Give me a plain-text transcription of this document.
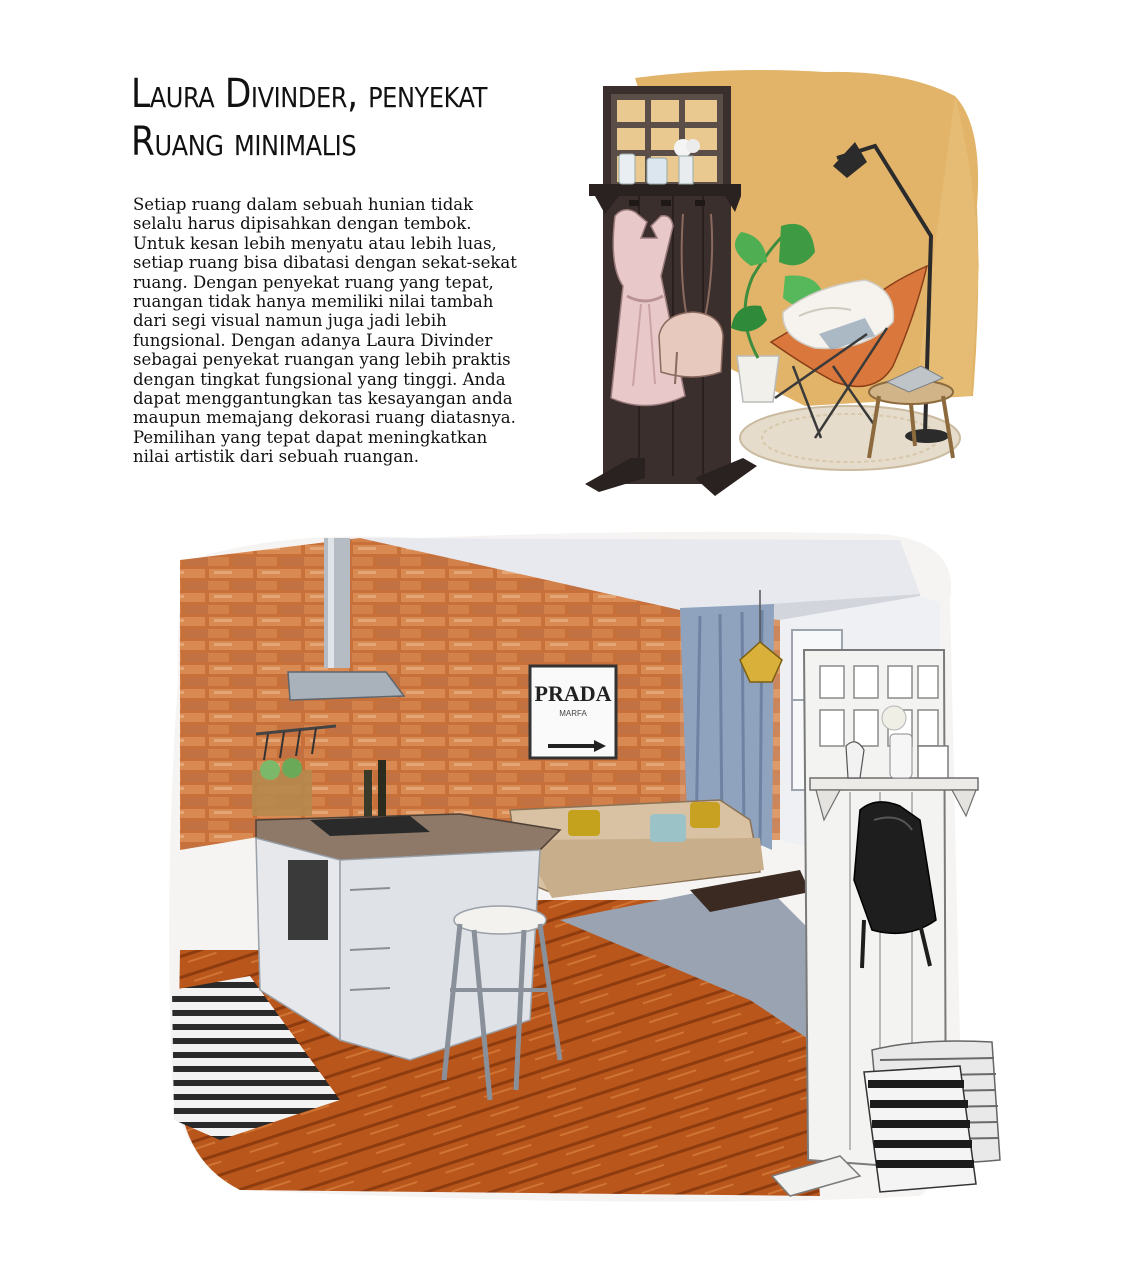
Laura Divinder, penyekat
Ruang minimalis

Setiap ruang dalam sebuah hunian tidak
selalu harus dipisahkan dengan tembok.
Untuk kesan lebih menyatu atau lebih luas,
setiap ruang bisa dibatasi dengan sekat-sekat
ruang. Dengan penyekat ruang yang tepat,
ruangan tidak hanya memiliki nilai tambah
dari segi visual namun juga jadi lebih
fungsional. Dengan adanya Laura Divinder
sebagai penyekat ruangan yang lebih praktis
dengan tingkat fungsional yang tinggi. Anda
dapat menggantungkan tas kesayangan anda
maupun memajang dekorasi ruang diatasnya.
Pemilihan yang tepat dapat meningkatkan
nilai artistik dari sebuah ruangan.

PRADA
MARFA
